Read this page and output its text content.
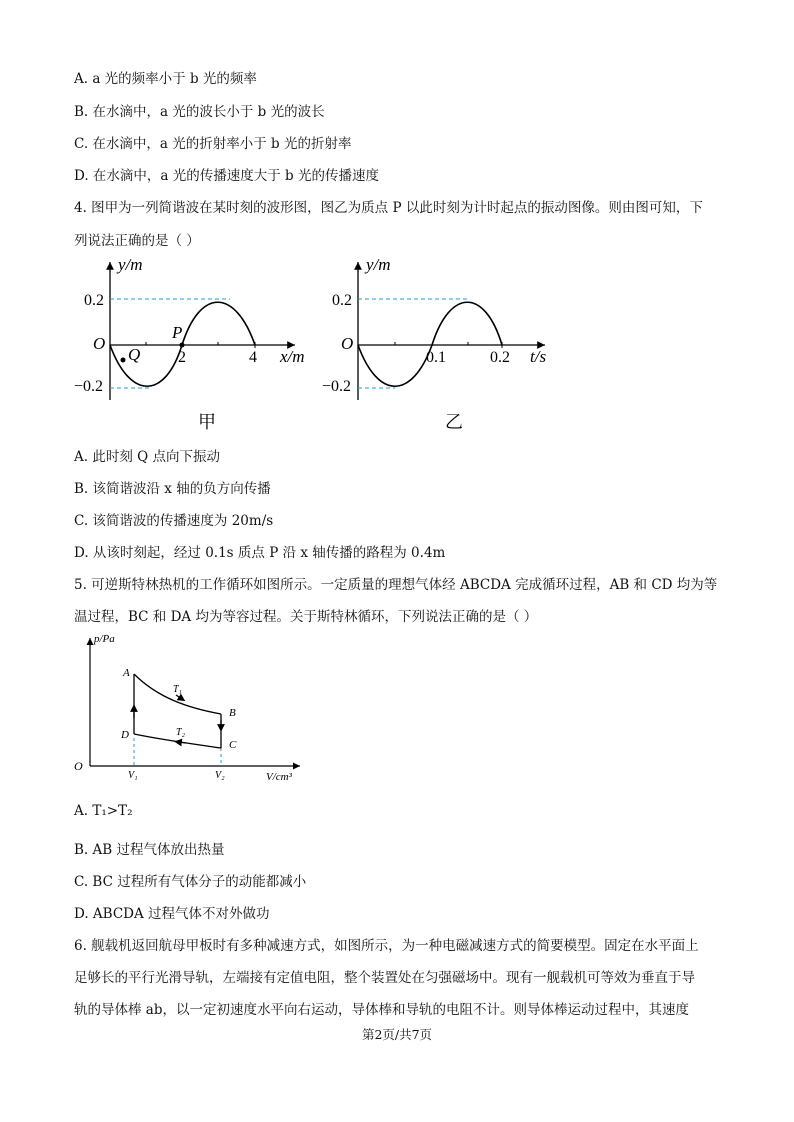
A. a 光的频率小于 b 光的频率
B. 在水滴中，a 光的波长小于 b 光的波长
C. 在水滴中，a 光的折射率小于 b 光的折射率
D. 在水滴中，a 光的传播速度大于 b 光的传播速度
4. 图甲为一列简谐波在某时刻的波形图，图乙为质点 P 以此时刻为计时起点的振动图像。则由图可知，下
列说法正确的是（ ）
y/m
x/m
O
0.2
−0.2
2	4
P
Q
甲
y/m
t/s
O
0.2
−0.2
0.1	0.2
乙
A. 此时刻 Q 点向下振动
B. 该简谐波沿 x 轴的负方向传播
C. 该简谐波的传播速度为 20m/s
D. 从该时刻起，经过 0.1s 质点 P 沿 x 轴传播的路程为 0.4m
5. 可逆斯特林热机的工作循环如图所示。一定质量的理想气体经 ABCDA 完成循环过程，AB 和 CD 均为等
温过程，BC 和 DA 均为等容过程。关于斯特林循环，下列说法正确的是（ ）
p/Pa
V/cm³
O
A
B
C
D
T₁
T₂
V₁	V₂
A. T₁>T₂
B. AB 过程气体放出热量
C. BC 过程所有气体分子的动能都减小
D. ABCDA 过程气体不对外做功
6. 舰载机返回航母甲板时有多种减速方式，如图所示，为一种电磁减速方式的简要模型。固定在水平面上
足够长的平行光滑导轨，左端接有定值电阻，整个装置处在匀强磁场中。现有一舰载机可等效为垂直于导
轨的导体棒 ab，以一定初速度水平向右运动，导体棒和导轨的电阻不计。则导体棒运动过程中，其速度
第2页/共7页
